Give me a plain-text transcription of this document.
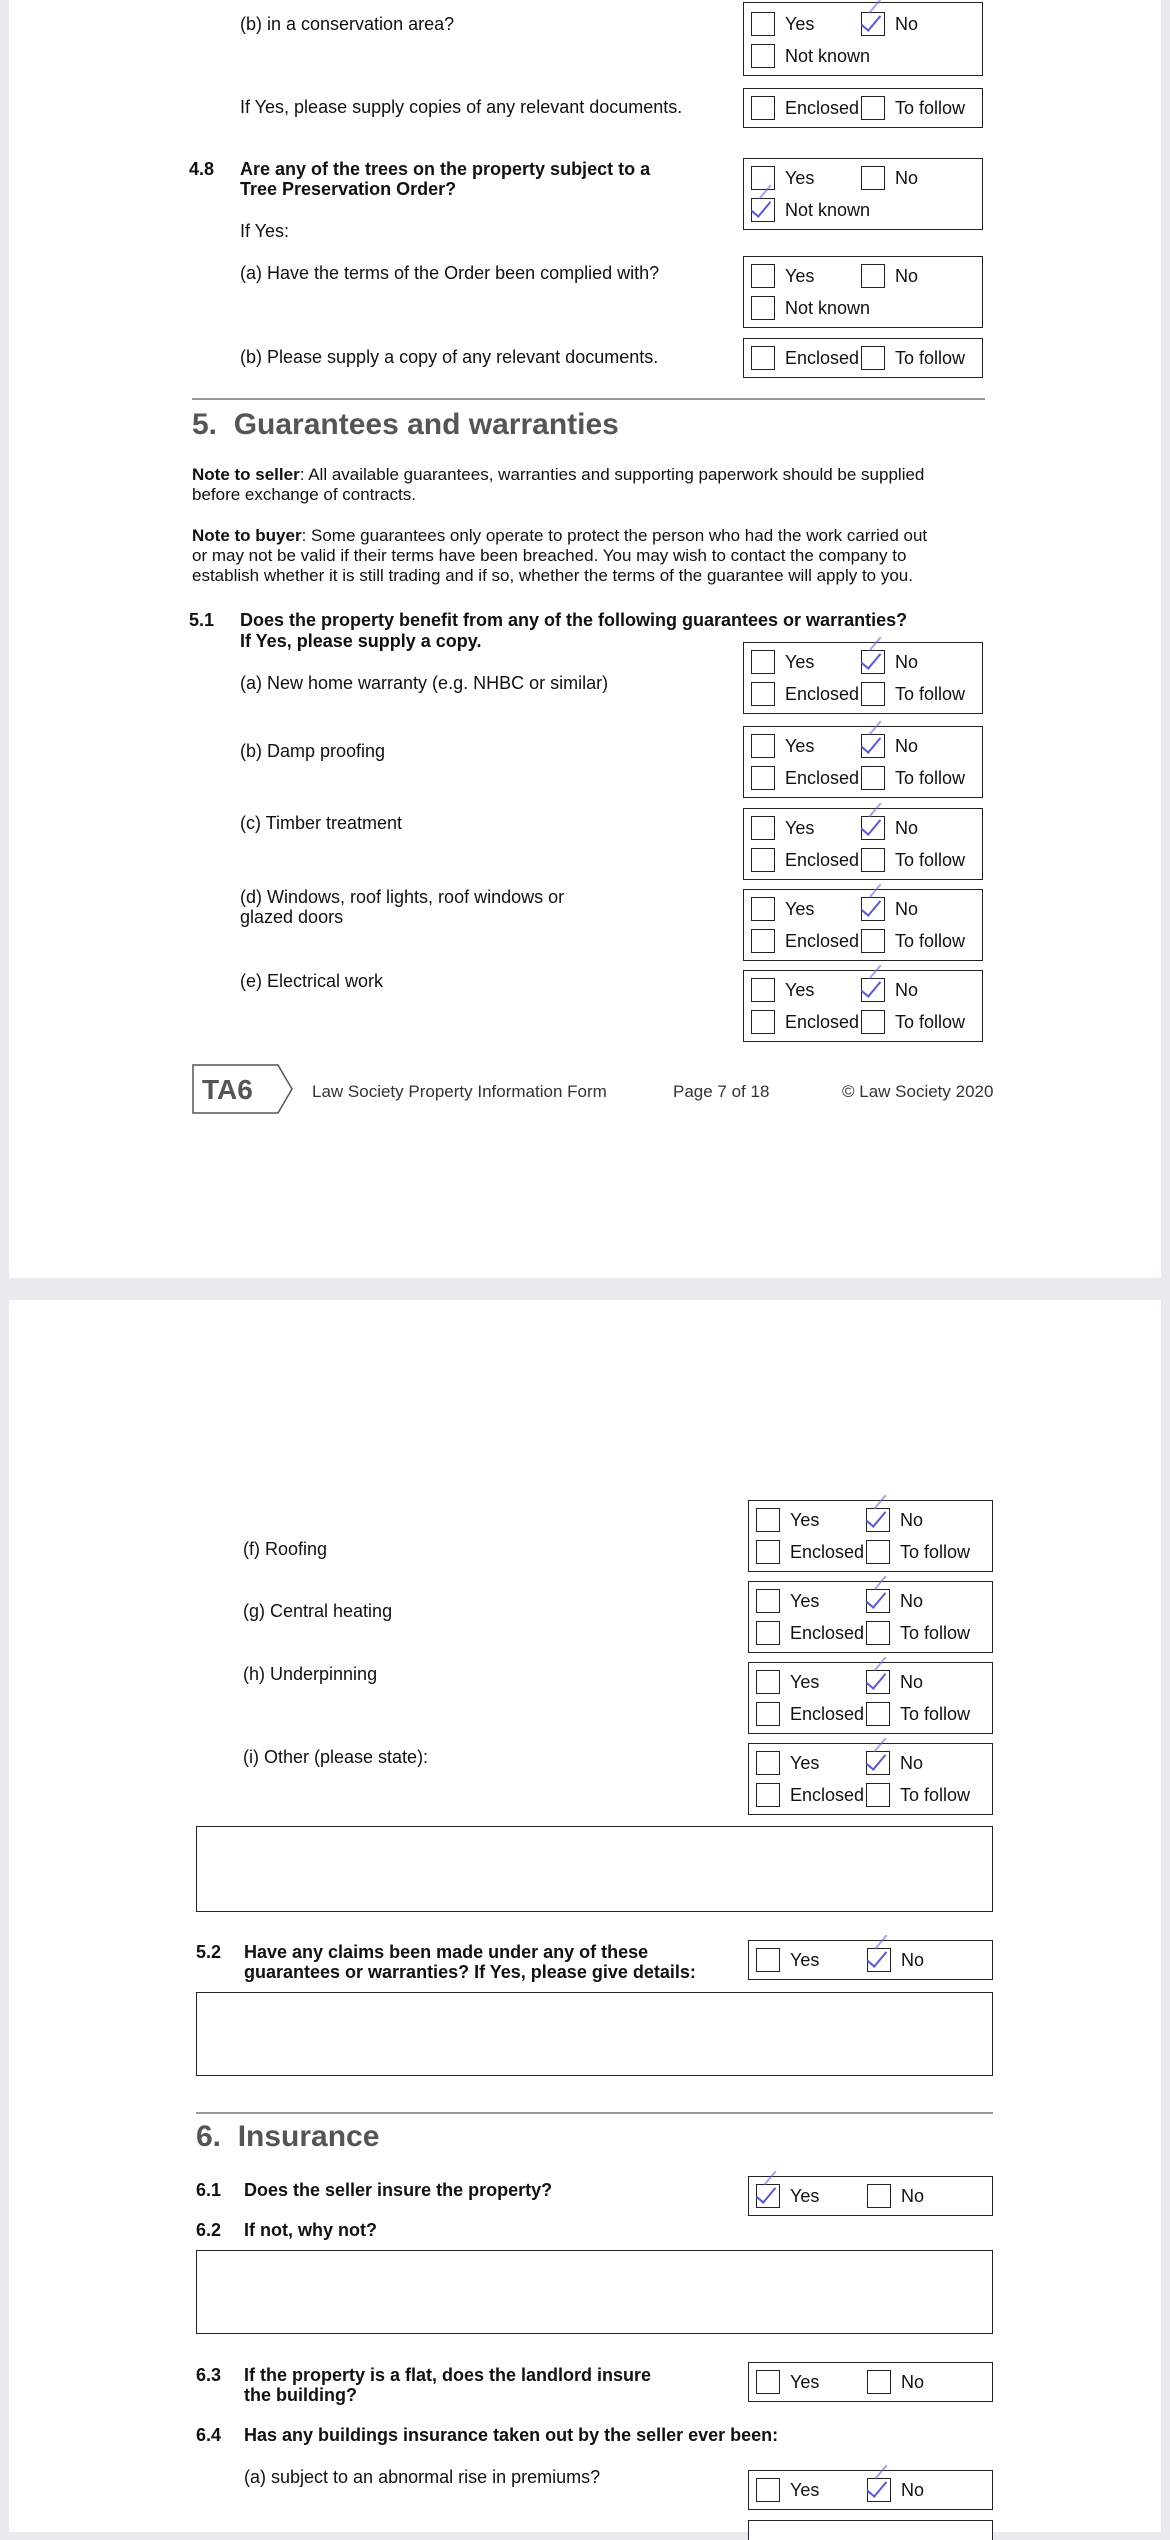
(b) in a conservation area?	Yes	No
Not known
If Yes, please supply copies of any relevant documents.	Enclosed To follow
4.8 Are any of the trees on the property subject to a
Tree Preservation Order?
Yes	No
Not known
If Yes:
(a) Have the terms of the Order been complied with?	Yes	No
Not known
(b) Please supply a copy of any relevant documents.	Enclosed To follow
5. Guarantees and warranties
Note to seller: All available guarantees, warranties and supporting paperwork should be supplied
before exchange of contracts.
Note to buyer: Some guarantees only operate to protect the person who had the work carried out
or may not be valid if their terms have been breached. You may wish to contact the company to
establish whether it is still trading and if so, whether the terms of the guarantee will apply to you.
5.1 Does the property benefit from any of the following guarantees or warranties?
If Yes, please supply a copy.
(a) New home warranty (e.g. NHBC or similar)
Yes	No
Enclosed To follow
(b) Damp proofing	Yes	No
Enclosed To follow
(c) Timber treatment	Yes	No
Enclosed To follow
(d) Windows, roof lights, roof windows or
glazed doors	Yes	No
Enclosed To follow
(e) Electrical work	Yes	No
Enclosed To follow
TA6	Law Society Property Information Form	Page 7 of 18	© Law Society 2020
(f) Roofing
Yes	No
Enclosed To follow
(g) Central heating	Yes	No
Enclosed To follow
(h) Underpinning	Yes	No
Enclosed To follow
(i) Other (please state):	Yes	No
Enclosed To follow
5.2 Have any claims been made under any of these
guarantees or warranties? If Yes, please give details:
Yes	No
6. Insurance
6.1 Does the seller insure the property?	Yes	No
6.2 If not, why not?
6.3 If the property is a flat, does the landlord insure
the building?
Yes	No
6.4 Has any buildings insurance taken out by the seller ever been:
(a) subject to an abnormal rise in premiums?
Yes	No
